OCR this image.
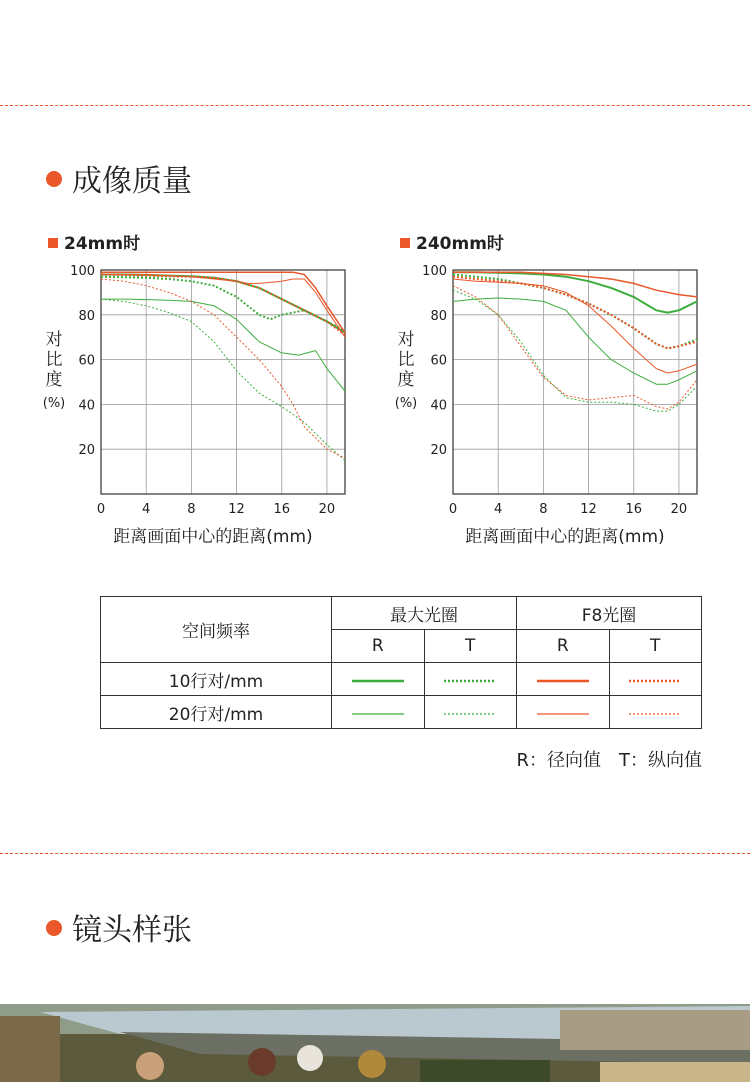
成像质量
24mm时	240mm时
20
40
60
80
100
0	4	8	12 16 20
距离画面中心的距离(mm)
对比度(%)
20
40
60
80
100
0	4	8	12 16 20
距离画面中心的距离(mm)
对比度(%)
空间频率	最大光圈		F8光圈	
	R	T	R	T
10行对/mm				
20行对/mm				
R：径向值　T：纵向值
镜头样张
